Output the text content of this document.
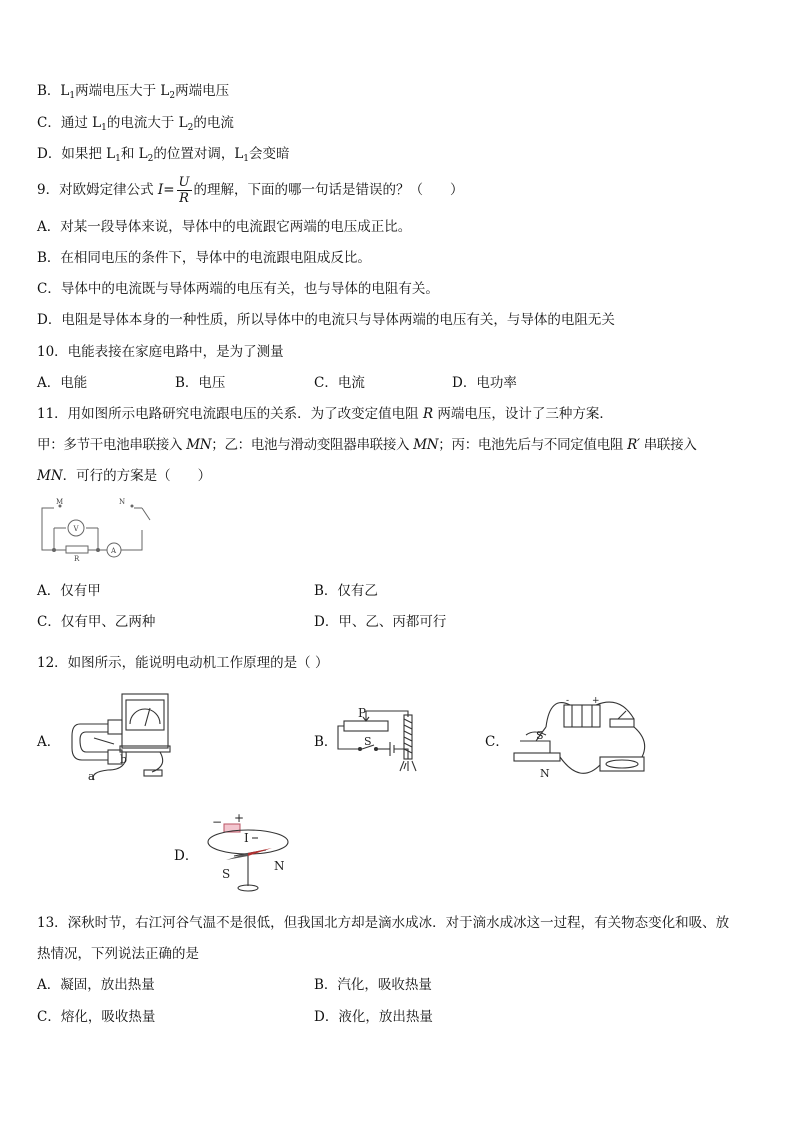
B．$L_1$两端电压大于 $L_2$两端电压
C．通过 $L_1$的电流大于 $L_2$的电流
D．如果把 $L_1$和 $L_2$的位置对调，$L_1$会变暗
9．对欧姆定律公式 $I= \frac{U}{R}$ 的理解，下面的哪一句话是错误的？（　　）
A．对某一段导体来说，导体中的电流跟它两端的电压成正比。
B．在相同电压的条件下，导体中的电流跟电阻成反比。
C．导体中的电流既与导体两端的电压有关，也与导体的电阻有关。
D．电阻是导体本身的一种性质，所以导体中的电流只与导体两端的电压有关，与导体的电阻无关
10．电能表接在家庭电路中，是为了测量
A．电能	B．电压	C．电流	D．电功率
11．用如图所示电路研究电流跟电压的关系．为了改变定值电阻 R 两端电压，设计了三种方案．
甲：多节干电池串联接入 MN；乙：电池与滑动变阻器串联接入 MN；丙：电池先后与不同定值电阻 R′ 串联接入
MN．可行的方案是（　　）
M	N
V
A
R
A．仅有甲	B．仅有乙
C．仅有甲、乙两种	D．甲、乙、丙都可行
12．如图所示，能说明电动机工作原理的是（ ）
A．
b
a
B．
P
S	C． S
N
-	+
D．
− +
I
S
N
13．深秋时节，右江河谷气温不是很低，但我国北方却是滴水成冰．对于滴水成冰这一过程，有关物态变化和吸、放
热情况，下列说法正确的是
A．凝固，放出热量	B．汽化，吸收热量
C．熔化，吸收热量	D．液化，放出热量
